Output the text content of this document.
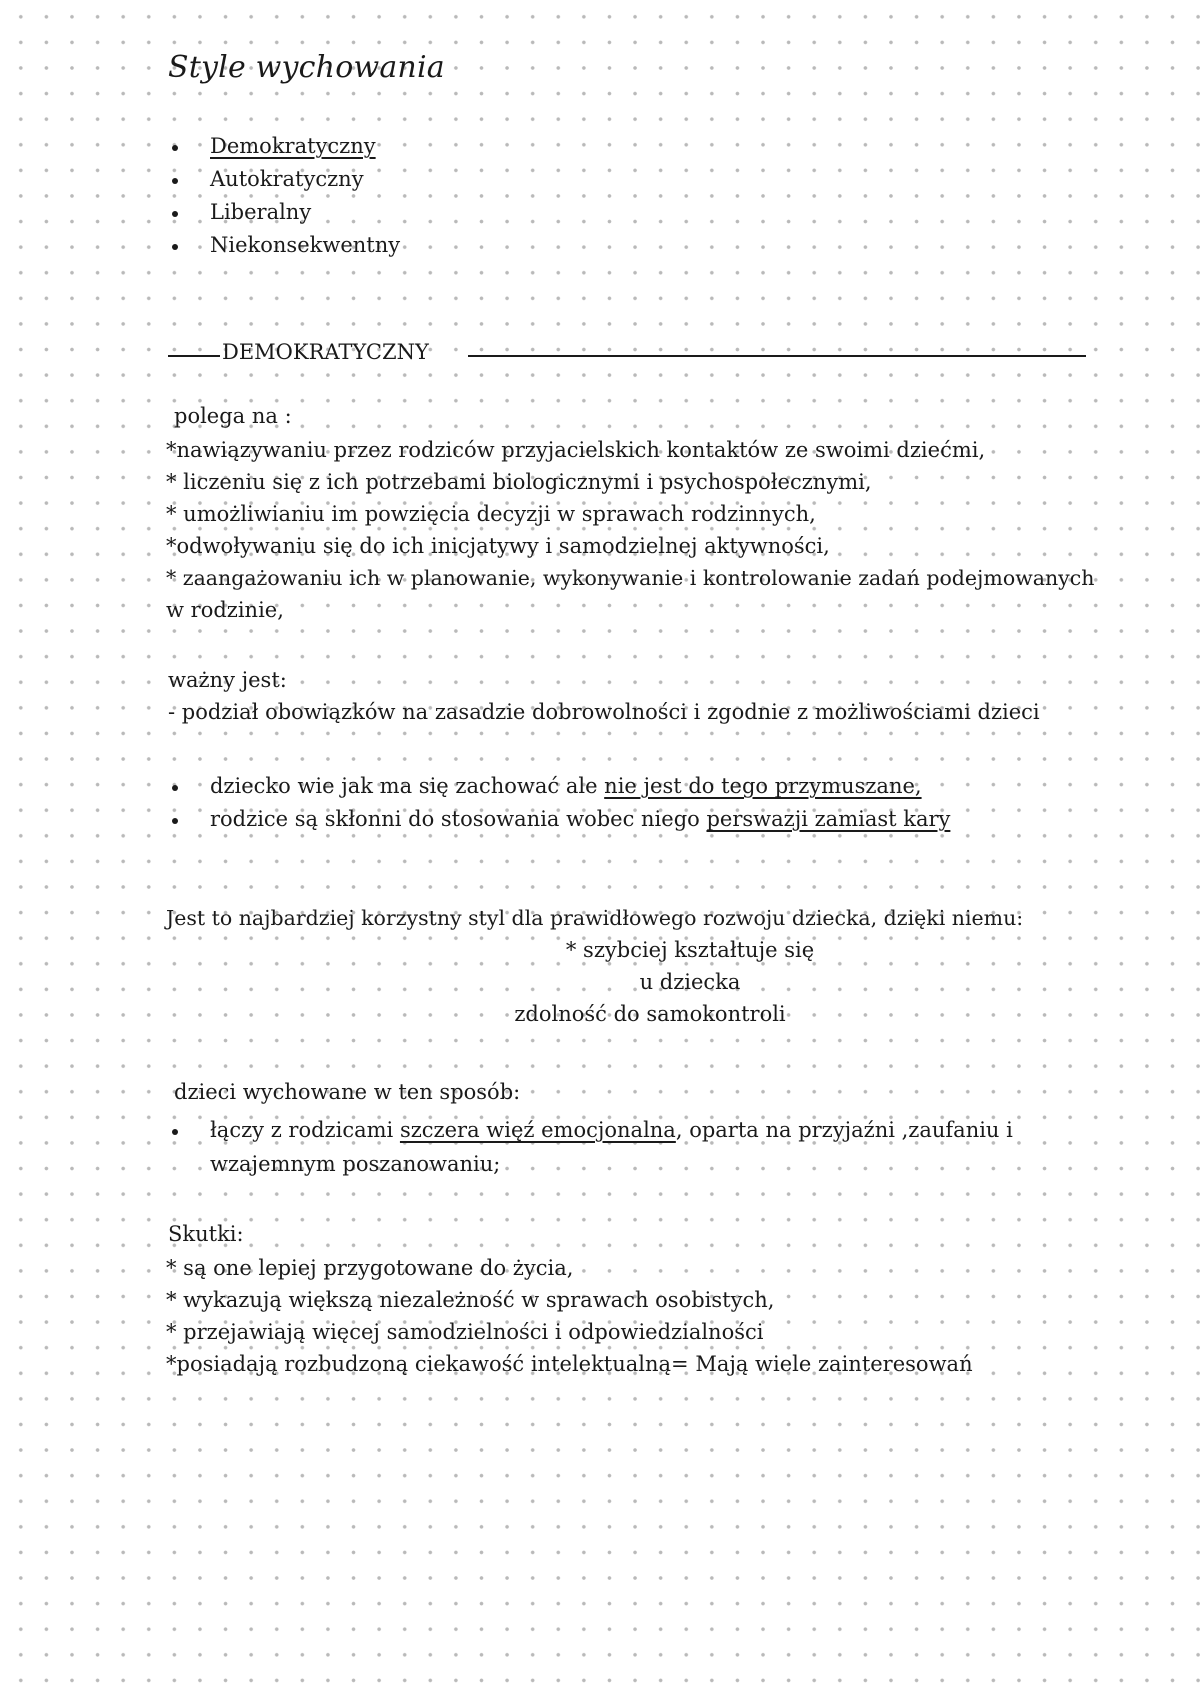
Style wychowania
Demokratyczny
Autokratyczny
Liberalny
Niekonsekwentny
DEMOKRATYCZNY
polega na :
*nawiązywaniu przez rodziców przyjacielskich kontaktów ze swoimi dziećmi,
* liczeniu się z ich potrzebami biologicznymi i psychospołecznymi,
* umożliwianiu im powzięcia decyzji w sprawach rodzinnych,
*odwoływaniu się do ich inicjatywy i samodzielnej aktywności,
* zaangażowaniu ich w planowanie, wykonywanie i kontrolowanie zadań podejmowanych
w rodzinie,
ważny jest:
- podział obowiązków na zasadzie dobrowolności i zgodnie z możliwościami dzieci
dziecko wie jak ma się zachować ale nie jest do tego przymuszane,
rodzice są skłonni do stosowania wobec niego perswazji zamiast kary
Jest to najbardziej korzystny styl dla prawidłowego rozwoju dziecka, dzięki niemu:
* szybciej kształtuje się
u dziecka
zdolność do samokontroli
dzieci wychowane w ten sposób:
łączy z rodzicami szczera więź emocjonalna, oparta na przyjaźni ,zaufaniu i
wzajemnym poszanowaniu;
Skutki:
* są one lepiej przygotowane do życia,
* wykazują większą niezależność w sprawach osobistych,
* przejawiają więcej samodzielności i odpowiedzialności
*posiadają rozbudzoną ciekawość intelektualną= Mają wiele zainteresowań
